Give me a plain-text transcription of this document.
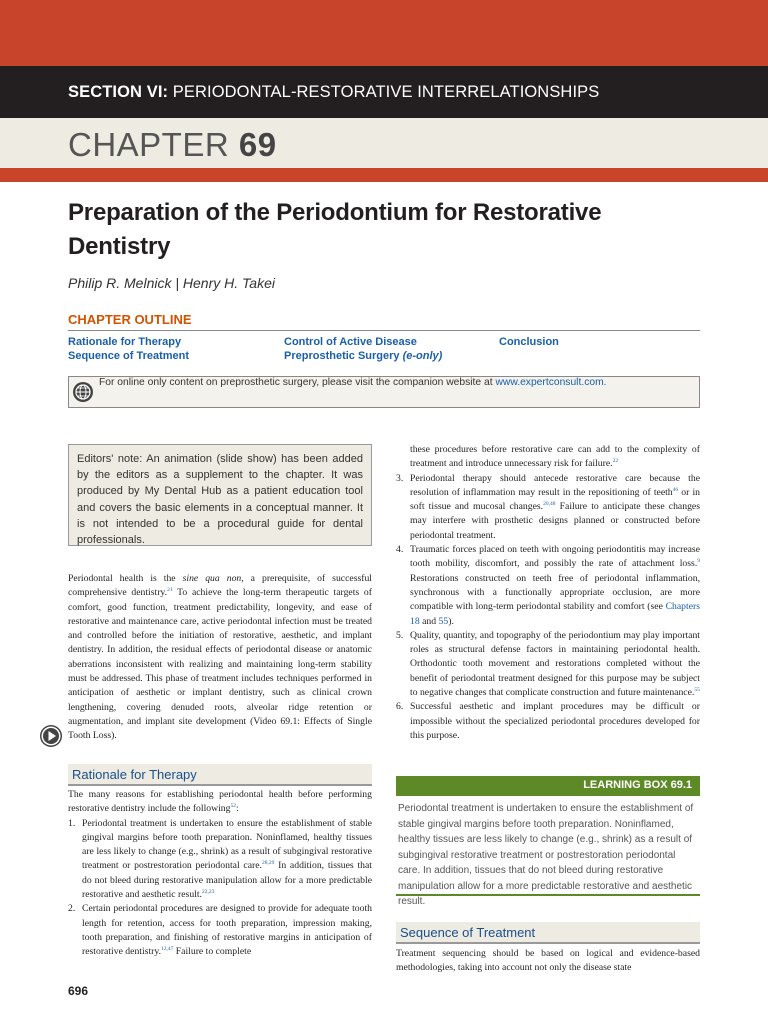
SECTION VI: PERIODONTAL-RESTORATIVE INTERRELATIONSHIPS
CHAPTER 69
Preparation of the Periodontium for Restorative Dentistry
Philip R. Melnick | Henry H. Takei
CHAPTER OUTLINE
Rationale for Therapy
Sequence of Treatment
Control of Active Disease
Preprosthetic Surgery (e-only)
Conclusion
For online only content on preprosthetic surgery, please visit the companion website at www.expertconsult.com.
Editors' note: An animation (slide show) has been added by the editors as a supplement to the chapter. It was produced by My Dental Hub as a patient education tool and covers the basic elements in a conceptual manner. It is not intended to be a procedural guide for dental professionals.
Periodontal health is the sine qua non, a prerequisite, of successful comprehensive dentistry.$^{21}$ To achieve the long-term therapeutic targets of comfort, good function, treatment predictability, longevity, and ease of restorative and maintenance care, active periodontal infection must be treated and controlled before the initiation of restorative, aesthetic, and implant dentistry. In addition, the residual effects of periodontal disease or anatomic aberrations inconsistent with realizing and maintaining long-term stability must be addressed. This phase of treatment includes techniques performed in anticipation of aesthetic or implant dentistry, such as clinical crown lengthening, covering denuded roots, alveolar ridge retention or augmentation, and implant site development (Video 69.1: Effects of Single Tooth Loss).
Rationale for Therapy
The many reasons for establishing periodontal health before performing restorative dentistry include the following$^{52}$:
1. Periodontal treatment is undertaken to ensure the establishment of stable gingival margins before tooth preparation. Noninflamed, healthy tissues are less likely to change (e.g., shrink) as a result of subgingival restorative treatment or postrestoration periodontal care.$^{28,29}$ In addition, tissues that do not bleed during restorative manipulation allow for a more predictable restorative and aesthetic result.$^{22,23}$
2. Certain periodontal procedures are designed to provide for adequate tooth length for retention, access for tooth preparation, impression making, tooth preparation, and finishing of restorative margins in anticipation of restorative dentistry.$^{12,47}$ Failure to complete
these procedures before restorative care can add to the complexity of treatment and introduce unnecessary risk for failure.$^{22}$
3. Periodontal therapy should antecede restorative care because the resolution of inflammation may result in the repositioning of teeth$^{46}$ or in soft tissue and mucosal changes.$^{20,48}$ Failure to anticipate these changes may interfere with prosthetic designs planned or constructed before periodontal treatment.
4. Traumatic forces placed on teeth with ongoing periodontitis may increase tooth mobility, discomfort, and possibly the rate of attachment loss.$^9$ Restorations constructed on teeth free of periodontal inflammation, synchronous with a functionally appropriate occlusion, are more compatible with long-term periodontal stability and comfort (see Chapters 18 and 55).
5. Quality, quantity, and topography of the periodontium may play important roles as structural defense factors in maintaining periodontal health. Orthodontic tooth movement and restorations completed without the benefit of periodontal treatment designed for this purpose may be subject to negative changes that complicate construction and future maintenance.$^{55}$
6. Successful aesthetic and implant procedures may be difficult or impossible without the specialized periodontal procedures developed for this purpose.
LEARNING BOX 69.1
Periodontal treatment is undertaken to ensure the establishment of stable gingival margins before tooth preparation. Noninflamed, healthy tissues are less likely to change (e.g., shrink) as a result of subgingival restorative treatment or postrestoration periodontal care. In addition, tissues that do not bleed during restorative manipulation allow for a more predictable restorative and aesthetic result.
Sequence of Treatment
Treatment sequencing should be based on logical and evidence-based methodologies, taking into account not only the disease state
696
